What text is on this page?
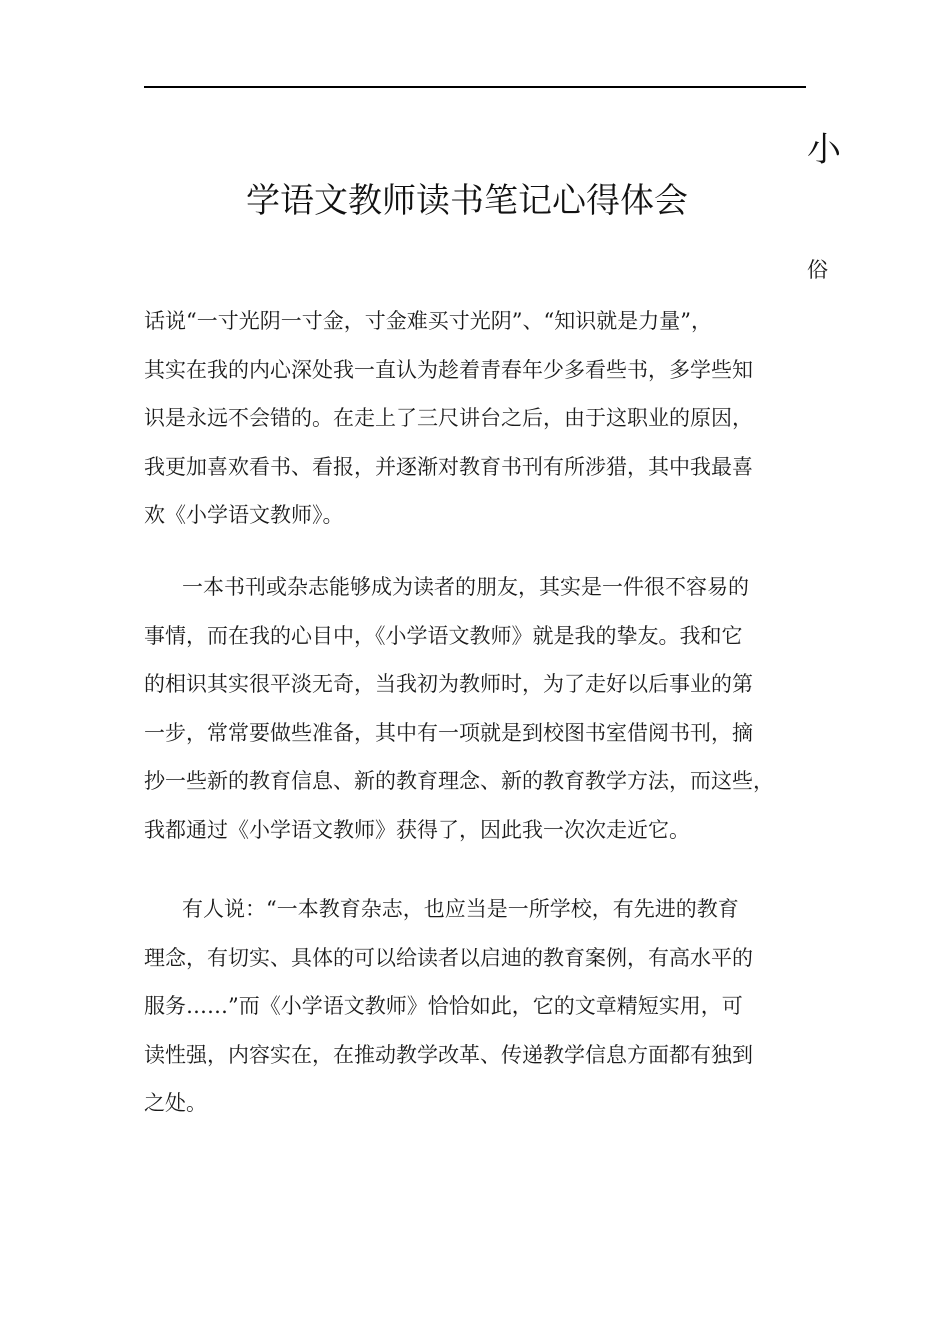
小
学语文教师读书笔记心得体会
俗
话说“一寸光阴一寸金，寸金难买寸光阴”、“知识就是力量”，
其实在我的内心深处我一直认为趁着青春年少多看些书，多学些知
识是永远不会错的。在走上了三尺讲台之后，由于这职业的原因，
我更加喜欢看书、看报，并逐渐对教育书刊有所涉猎，其中我最喜
欢《小学语文教师》。
一本书刊或杂志能够成为读者的朋友，其实是一件很不容易的
事情，而在我的心目中，《小学语文教师》就是我的挚友。我和它
的相识其实很平淡无奇，当我初为教师时，为了走好以后事业的第
一步，常常要做些准备，其中有一项就是到校图书室借阅书刊，摘
抄一些新的教育信息、新的教育理念、新的教育教学方法，而这些，
我都通过《小学语文教师》获得了，因此我一次次走近它。
有人说：“一本教育杂志，也应当是一所学校，有先进的教育
理念，有切实、具体的可以给读者以启迪的教育案例，有高水平的
服务……”而《小学语文教师》恰恰如此，它的文章精短实用，可
读性强，内容实在，在推动教学改革、传递教学信息方面都有独到
之处。
